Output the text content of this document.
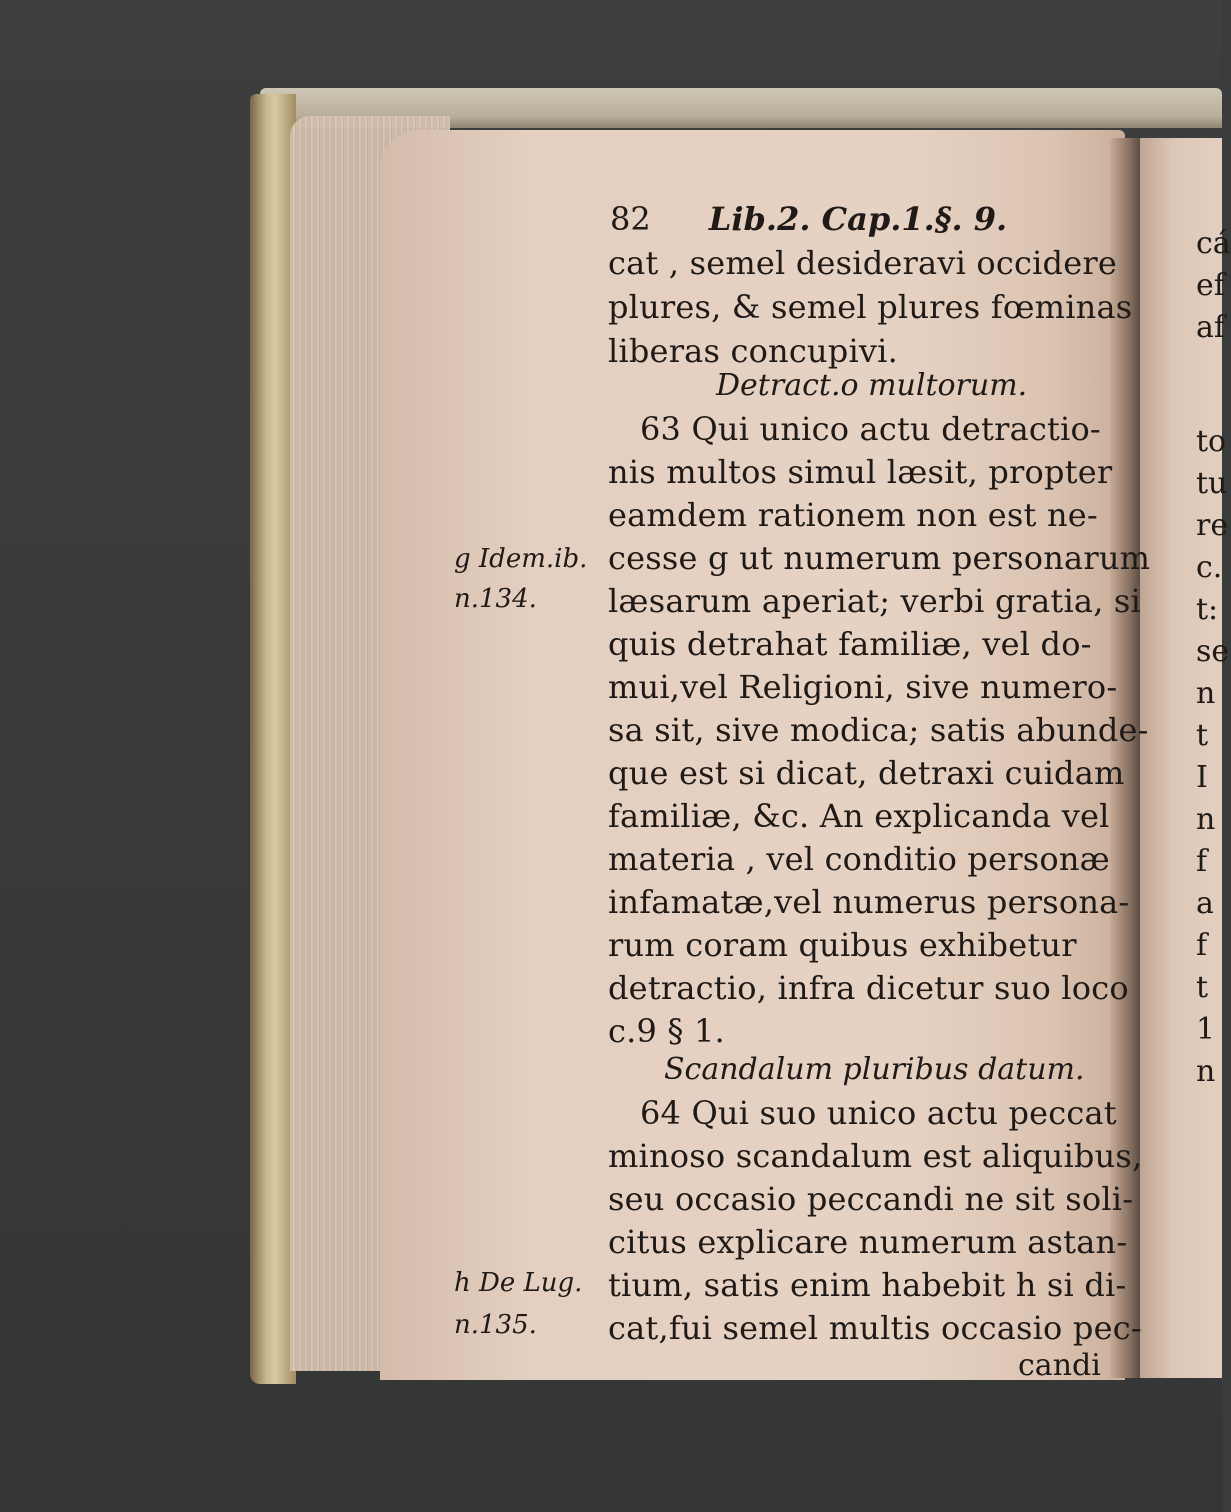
82 Lib.2. Cap.1.§. 9.
cat , semel desideravi occidere
plures, & semel plures fœminas
liberas concupivi.
Detract.o multorum.
63 Qui unico actu detractio-
nis multos simul læsit, propter
eamdem rationem non est ne-
cesse g ut numerum personarum
læsarum aperiat; verbi gratia, si
quis detrahat familiæ, vel do-
mui,vel Religioni, sive numero-
sa sit, sive modica; satis abunde-
que est si dicat, detraxi cuidam
familiæ, &c. An explicanda vel
materia , vel conditio personæ
infamatæ,vel numerus persona-
rum coram quibus exhibetur
detractio, infra dicetur suo loco
c.9 § 1.
Scandalum pluribus datum.
64 Qui suo unico actu peccat
minoso scandalum est aliquibus,
seu occasio peccandi ne sit soli-
citus explicare numerum astan-
tium, satis enim habebit h si di-
cat,fui semel multis occasio pec-
candi
g Idem.ib.
n.134.
h De Lug.
n.135.
cá
ef
af
to
tu
re
c.
t:
se
n
t
I
n
f
a
f
t
1
n
